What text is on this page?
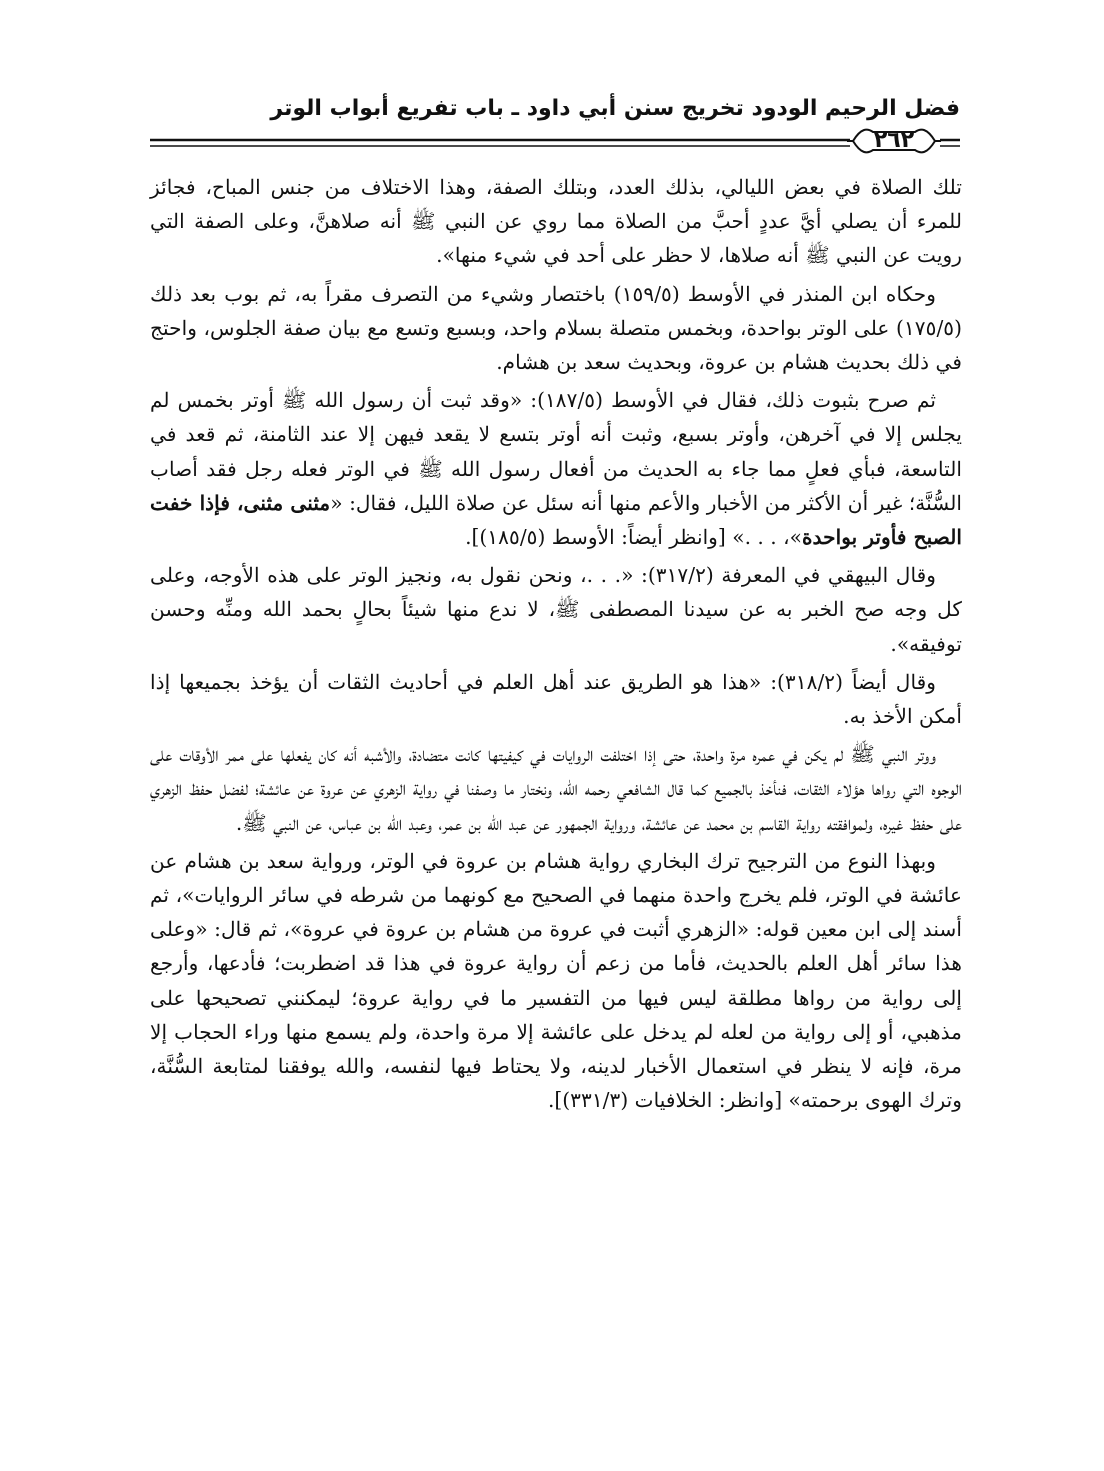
فضل الرحيم الودود تخريج سنن أبي داود ـ باب تفريع أبواب الوتر
٢٦٢

تلك الصلاة في بعض الليالي، بذلك العدد، وبتلك الصفة، وهذا الاختلاف من جنس المباح، فجائز للمرء أن يصلي أيَّ عددٍ أحبَّ من الصلاة مما روي عن النبي ﷺ أنه صلاهنَّ، وعلى الصفة التي رويت عن النبي ﷺ أنه صلاها، لا حظر على أحد في شيء منها».

وحكاه ابن المنذر في الأوسط (١٥٩/٥) باختصار وشيء من التصرف مقراً به، ثم بوب بعد ذلك (١٧٥/٥) على الوتر بواحدة، وبخمس متصلة بسلام واحد، وبسبع وتسع مع بيان صفة الجلوس، واحتج في ذلك بحديث هشام بن عروة، وبحديث سعد بن هشام.

ثم صرح بثبوت ذلك، فقال في الأوسط (١٨٧/٥): «وقد ثبت أن رسول الله ﷺ أوتر بخمس لم يجلس إلا في آخرهن، وأوتر بسبع، وثبت أنه أوتر بتسع لا يقعد فيهن إلا عند الثامنة، ثم قعد في التاسعة، فبأي فعلٍ مما جاء به الحديث من أفعال رسول الله ﷺ في الوتر فعله رجل فقد أصاب السُّنَّة؛ غير أن الأكثر من الأخبار والأعم منها أنه سئل عن صلاة الليل، فقال: «مثنى مثنى، فإذا خفت الصبح فأوتر بواحدة»، . . .» [وانظر أيضاً: الأوسط (١٨٥/٥)].

وقال البيهقي في المعرفة (٣١٧/٢): «. . .، ونحن نقول به، ونجيز الوتر على هذه الأوجه، وعلى كل وجه صح الخبر به عن سيدنا المصطفى ﷺ، لا ندع منها شيئاً بحالٍ بحمد الله ومنِّه وحسن توفيقه».

وقال أيضاً (٣١٨/٢): «هذا هو الطريق عند أهل العلم في أحاديث الثقات أن يؤخذ بجميعها إذا أمكن الأخذ به.

ووتر النبي ﷺ لم يكن في عمره مرة واحدة، حتى إذا اختلفت الروايات في كيفيتها كانت متضادة، والأشبه أنه كان يفعلها على ممر الأوقات على الوجوه التي رواها هؤلاء الثقات، فنأخذ بالجميع كما قال الشافعي رحمه الله، ونختار ما وصفنا في رواية الزهري عن عروة عن عائشة؛ لفضل حفظ الزهري على حفظ غيره، ولموافقته رواية القاسم بن محمد عن عائشة، ورواية الجمهور عن عبد الله بن عمر، وعبد الله بن عباس، عن النبي ﷺ.

وبهذا النوع من الترجيح ترك البخاري رواية هشام بن عروة في الوتر، ورواية سعد بن هشام عن عائشة في الوتر، فلم يخرج واحدة منهما في الصحيح مع كونهما من شرطه في سائر الروايات»، ثم أسند إلى ابن معين قوله: «الزهري أثبت في عروة من هشام بن عروة في عروة»، ثم قال: «وعلى هذا سائر أهل العلم بالحديث، فأما من زعم أن رواية عروة في هذا قد اضطربت؛ فأدعها، وأرجع إلى رواية من رواها مطلقة ليس فيها من التفسير ما في رواية عروة؛ ليمكنني تصحيحها على مذهبي، أو إلى رواية من لعله لم يدخل على عائشة إلا مرة واحدة، ولم يسمع منها وراء الحجاب إلا مرة، فإنه لا ينظر في استعمال الأخبار لدينه، ولا يحتاط فيها لنفسه، والله يوفقنا لمتابعة السُّنَّة، وترك الهوى برحمته» [وانظر: الخلافيات (٣٣١/٣)].
